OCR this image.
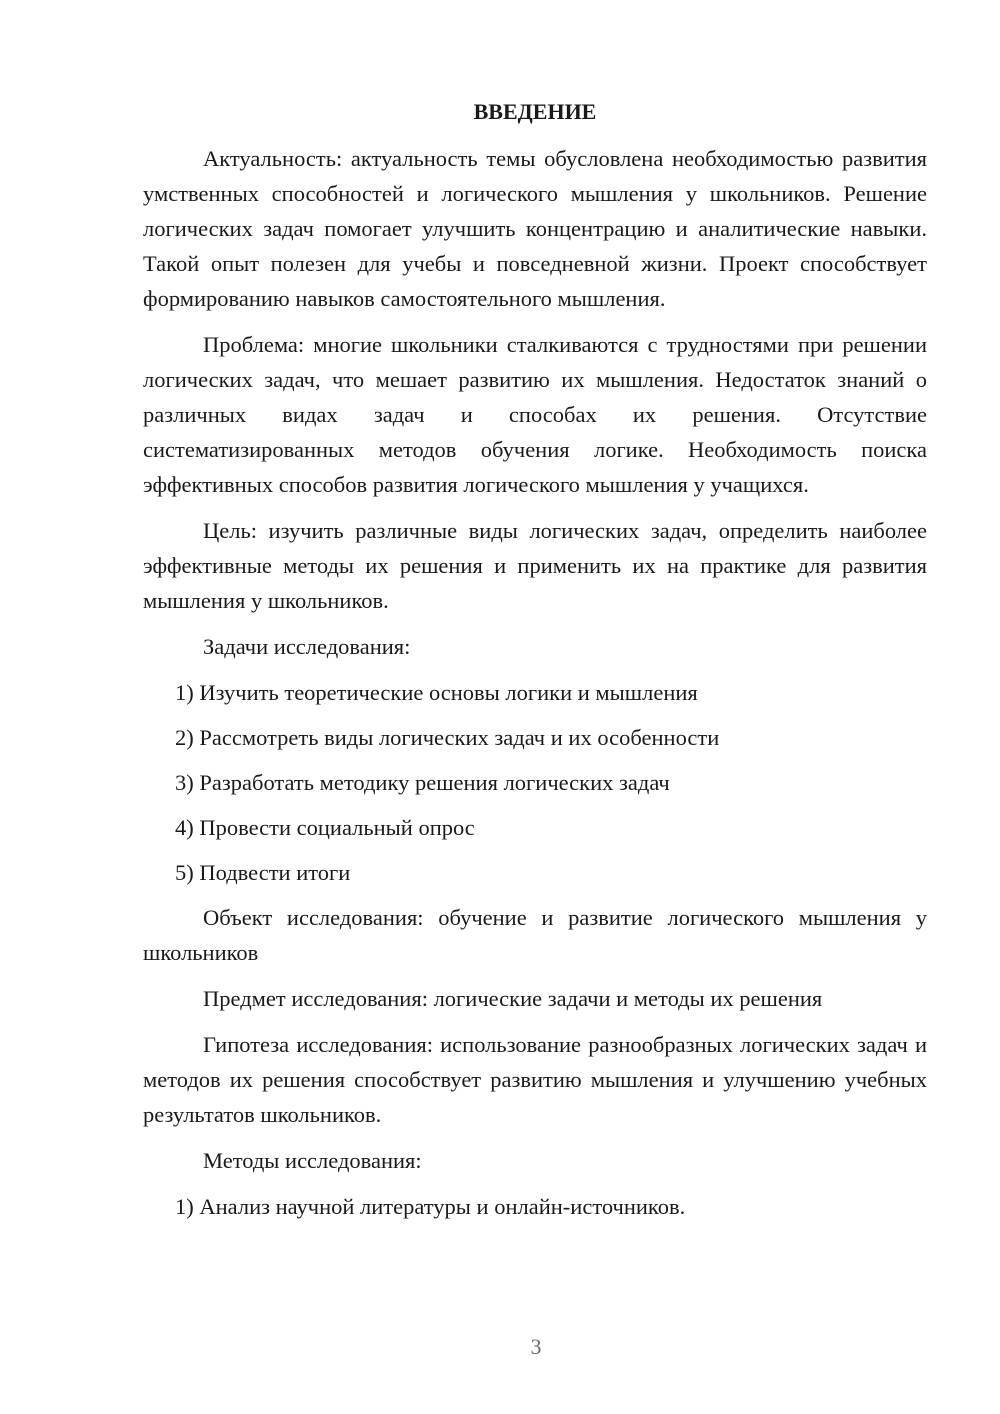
ВВЕДЕНИЕ

Актуальность: актуальность темы обусловлена необходимостью развития умственных способностей и логического мышления у школьников. Решение логических задач помогает улучшить концентрацию и аналитические навыки. Такой опыт полезен для учебы и повседневной жизни. Проект способствует формированию навыков самостоятельного мышления.

Проблема: многие школьники сталкиваются с трудностями при решении логических задач, что мешает развитию их мышления. Недостаток знаний о различных видах задач и способах их решения. Отсутствие систематизированных методов обучения логике. Необходимость поиска эффективных способов развития логического мышления у учащихся.

Цель: изучить различные виды логических задач, определить наиболее эффективные методы их решения и применить их на практике для развития мышления у школьников.

Задачи исследования:

1) Изучить теоретические основы логики и мышления
2) Рассмотреть виды логических задач и их особенности
3) Разработать методику решения логических задач
4) Провести социальный опрос
5) Подвести итоги

Объект исследования: обучение и развитие логического мышления у школьников

Предмет исследования: логические задачи и методы их решения

Гипотеза исследования: использование разнообразных логических задач и методов их решения способствует развитию мышления и улучшению учебных результатов школьников.

Методы исследования:

1) Анализ научной литературы и онлайн-источников.
3
